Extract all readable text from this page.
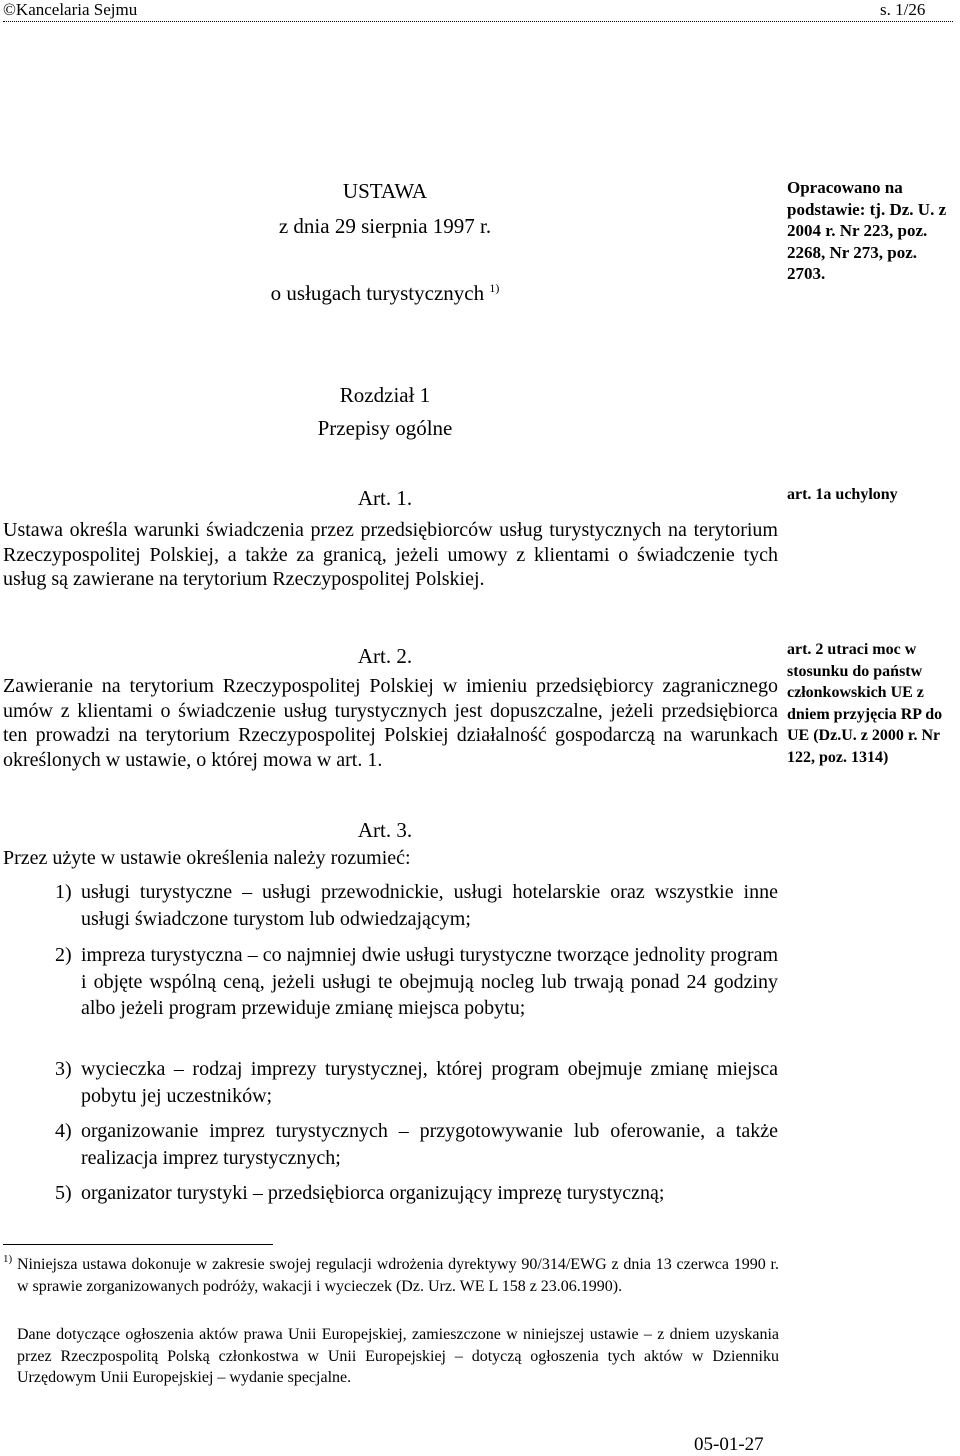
©Kancelaria Sejmu	s. 1/26
USTAWA
z dnia 29 sierpnia 1997 r.
o usługach turystycznych $^{1)}$
Opracowano na podstawie: tj. Dz. U. z 2004 r. Nr 223, poz. 2268, Nr 273, poz. 2703.
Rozdział 1
Przepisy ogólne
Art. 1.
Ustawa określa warunki świadczenia przez przedsiębiorców usług turystycznych na terytorium Rzeczypospolitej Polskiej, a także za granicą, jeżeli umowy z klientami o świadczenie tych usług są zawierane na terytorium Rzeczypospolitej Polskiej.
art. 1a uchylony
Art. 2.
Zawieranie na terytorium Rzeczypospolitej Polskiej w imieniu przedsiębiorcy zagranicznego umów z klientami o świadczenie usług turystycznych jest dopuszczalne, jeżeli przedsiębiorca ten prowadzi na terytorium Rzeczypospolitej Polskiej działalność gospodarczą na warunkach określonych w ustawie, o której mowa w art. 1.
art. 2 utraci moc w stosunku do państw członkowskich UE z dniem przyjęcia RP do UE (Dz.U. z 2000 r. Nr 122, poz. 1314)
Art. 3.
Przez użyte w ustawie określenia należy rozumieć:
1) usługi turystyczne – usługi przewodnickie, usługi hotelarskie oraz wszystkie inne usługi świadczone turystom lub odwiedzającym;
2) impreza turystyczna – co najmniej dwie usługi turystyczne tworzące jednolity program i objęte wspólną ceną, jeżeli usługi te obejmują nocleg lub trwają ponad 24 godziny albo jeżeli program przewiduje zmianę miejsca pobytu;
3) wycieczka – rodzaj imprezy turystycznej, której program obejmuje zmianę miejsca pobytu jej uczestników;
4) organizowanie imprez turystycznych – przygotowywanie lub oferowanie, a także realizacja imprez turystycznych;
5) organizator turystyki – przedsiębiorca organizujący imprezę turystyczną;
1) Niniejsza ustawa dokonuje w zakresie swojej regulacji wdrożenia dyrektywy 90/314/EWG z dnia 13 czerwca 1990 r. w sprawie zorganizowanych podróży, wakacji i wycieczek (Dz. Urz. WE L 158 z 23.06.1990).
Dane dotyczące ogłoszenia aktów prawa Unii Europejskiej, zamieszczone w niniejszej ustawie – z dniem uzyskania przez Rzeczpospolitą Polską członkostwa w Unii Europejskiej – dotyczą ogłoszenia tych aktów w Dzienniku Urzędowym Unii Europejskiej – wydanie specjalne.
05-01-27
